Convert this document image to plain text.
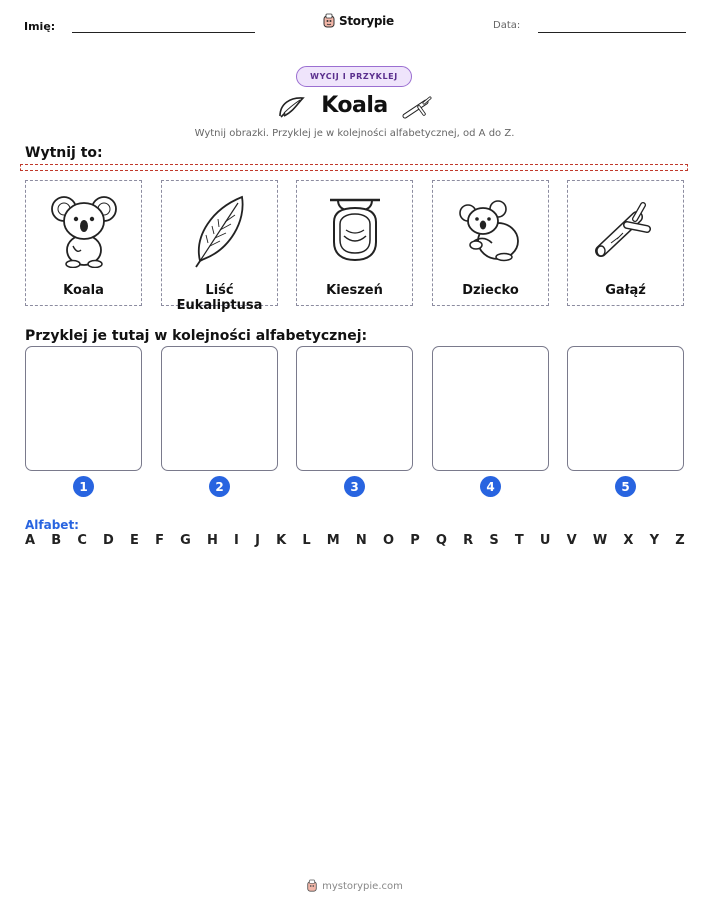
Imię:	Storypie	Data:
WYCIJ I PRZYKLEJ
Koala
Wytnij obrazki. Przyklej je w kolejności alfabetycznej, od A do Z.
Wytnij to:
Koala	Liść Eukaliptusa
Kieszeń	Dziecko	Gałąź
Przyklej je tutaj w kolejności alfabetycznej:
1	2	3	4	5
Alfabet:
A B C D E F G H I J K L M N O P Q R S T U V W X Y Z
mystorypie.com
